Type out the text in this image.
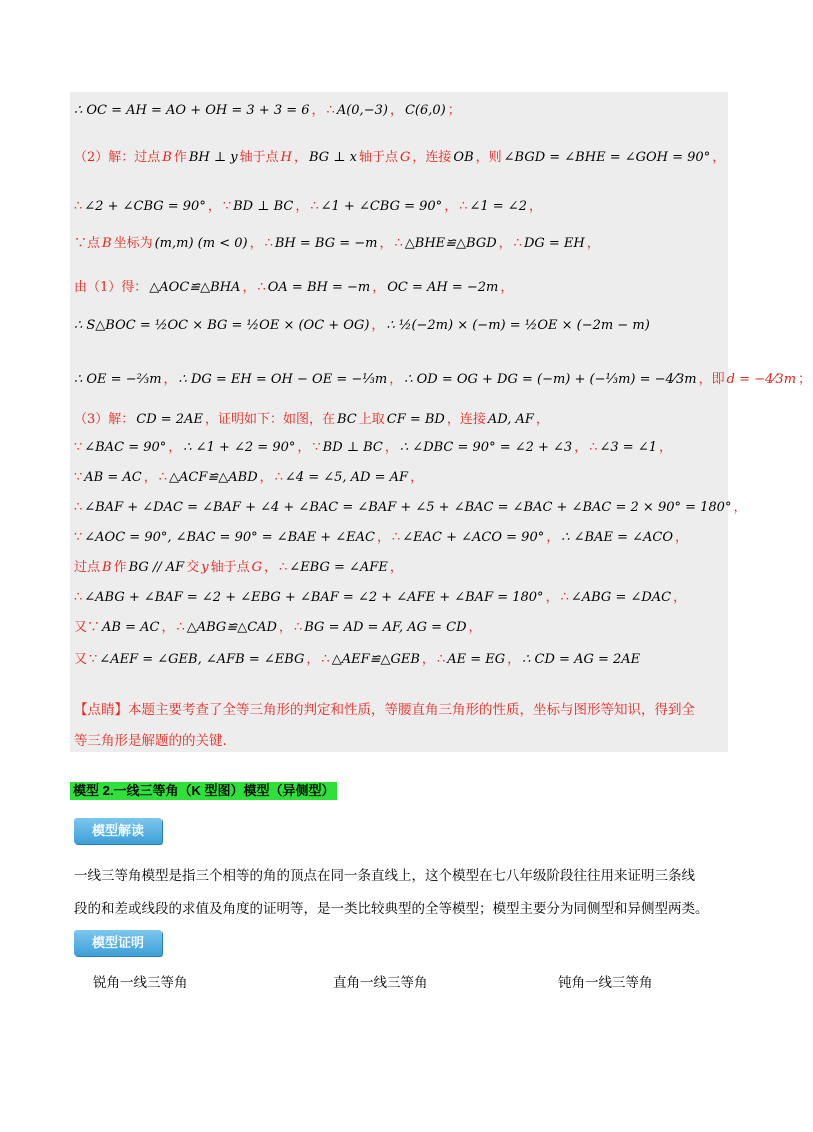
∴ OC = AH = AO + OH = 3 + 3 = 6 ， ∴ A(0,−3) ， C(6,0) ；
（2）解：过点 B 作 BH ⊥ y 轴于点 H ， BG ⊥ x 轴于点 G ，连接 OB ，则 ∠BGD = ∠BHE = ∠GOH = 90° ，
∴ ∠2 + ∠CBG = 90° ， ∵ BD ⊥ BC ， ∴ ∠1 + ∠CBG = 90° ， ∴ ∠1 = ∠2 ，
∵点 B 坐标为 (m,m) (m < 0) ， ∴ BH = BG = −m ， ∴ △BHE≌△BGD ， ∴ DG = EH ，
由（1）得： △AOC≌△BHA ， ∴ OA = BH = −m ， OC = AH = −2m ，
∴ S△BOC = ½OC × BG = ½OE × (OC + OG) ， ∴ ½(−2m) × (−m) = ½OE × (−2m − m)
∴ OE = −⅔m ， ∴ DG = EH = OH − OE = −⅓m ， ∴ OD = OG + DG = (−m) + (−⅓m) = −4⁄3m ，即 d = −4⁄3m ；
（3）解： CD = 2AE ，证明如下：如图，在 BC 上取 CF = BD ，连接 AD, AF ，
∵ ∠BAC = 90° ， ∴ ∠1 + ∠2 = 90° ， ∵ BD ⊥ BC ， ∴ ∠DBC = 90° = ∠2 + ∠3 ， ∴ ∠3 = ∠1 ，
∵ AB = AC ， ∴ △ACF≌△ABD ， ∴ ∠4 = ∠5, AD = AF ，
∴ ∠BAF + ∠DAC = ∠BAF + ∠4 + ∠BAC = ∠BAF + ∠5 + ∠BAC = ∠BAC + ∠BAC = 2 × 90° = 180° ，
∵ ∠AOC = 90°, ∠BAC = 90° = ∠BAE + ∠EAC ， ∴ ∠EAC + ∠ACO = 90° ， ∴ ∠BAE = ∠ACO ，
过点 B 作 BG // AF 交 y 轴于点 G ， ∴ ∠EBG = ∠AFE ，
∴ ∠ABG + ∠BAF = ∠2 + ∠EBG + ∠BAF = ∠2 + ∠AFE + ∠BAF = 180° ， ∴ ∠ABG = ∠DAC ，
又∵ AB = AC ， ∴ △ABG≌△CAD ， ∴ BG = AD = AF, AG = CD ，
又 ∵ ∠AEF = ∠GEB, ∠AFB = ∠EBG ， ∴ △AEF≌△GEB ， ∴ AE = EG ， ∴ CD = AG = 2AE
【点睛】本题主要考查了全等三角形的判定和性质，等腰直角三角形的性质，坐标与图形等知识，得到全
等三角形是解题的的关键.
模型 2.一线三等角（K 型图）模型（异侧型）
模型解读
一线三等角模型是指三个相等的角的顶点在同一条直线上，这个模型在七八年级阶段往往用来证明三条线
段的和差或线段的求值及角度的证明等，是一类比较典型的全等模型；模型主要分为同侧型和异侧型两类。
模型证明
锐角一线三等角	直角一线三等角	钝角一线三等角
